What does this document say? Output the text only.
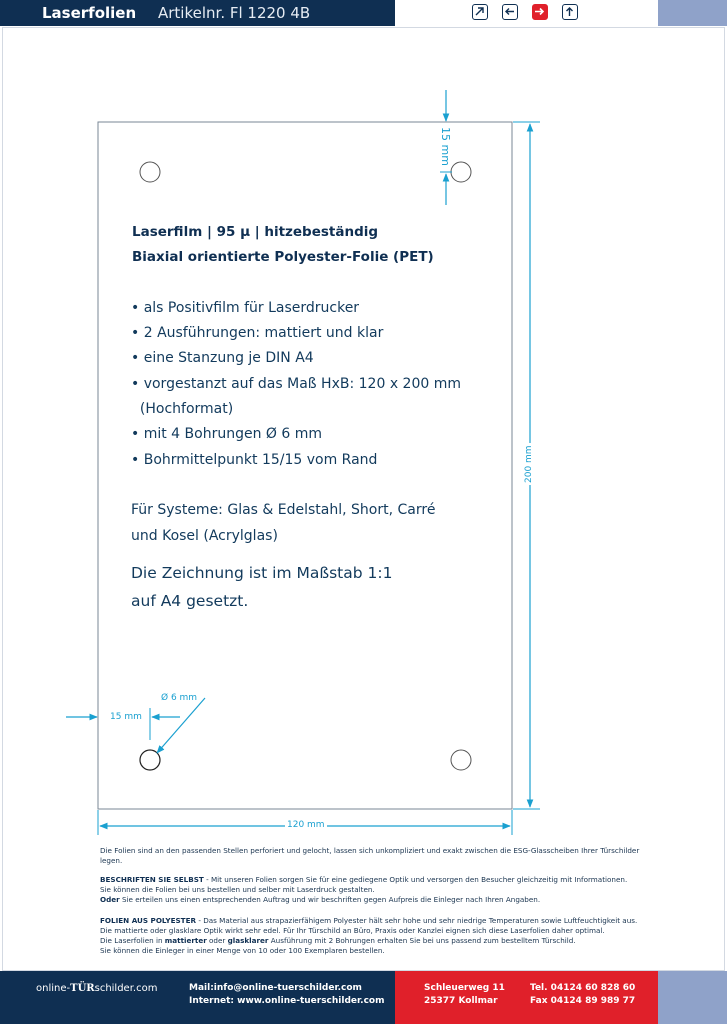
Laserfolien Artikelnr. Fl 1220 4B
15 mm
200 mm
120 mm
15 mm
Ø 6 mm
Laserfilm | 95 µ | hitzebeständig
Biaxial orientierte Polyester-Folie (PET)
• als Positivfilm für Laserdrucker
• 2 Ausführungen: mattiert und klar
• eine Stanzung je DIN A4
• vorgestanzt auf das Maß HxB: 120 x 200 mm
(Hochformat)
• mit 4 Bohrungen Ø 6 mm
• Bohrmittelpunkt 15/15 vom Rand
Für Systeme: Glas & Edelstahl, Short, Carré
und Kosel (Acrylglas)
Die Zeichnung ist im Maßstab 1:1
auf A4 gesetzt.
Die Folien sind an den passenden Stellen perforiert und gelocht, lassen sich unkompliziert und exakt zwischen die ESG-Glasscheiben Ihrer Türschilder legen.
BESCHRIFTEN SIE SELBST - Mit unseren Folien sorgen Sie für eine gediegene Optik und versorgen den Besucher gleichzeitig mit Informationen.
Sie können die Folien bei uns bestellen und selber mit Laserdruck gestalten.
Oder Sie erteilen uns einen entsprechenden Auftrag und wir beschriften gegen Aufpreis die Einleger nach Ihren Angaben.
FOLIEN AUS POLYESTER - Das Material aus strapazierfähigem Polyester hält sehr hohe und sehr niedrige Temperaturen sowie Luftfeuchtigkeit aus.
Die mattierte oder glasklare Optik wirkt sehr edel. Für Ihr Türschild an Büro, Praxis oder Kanzlei eignen sich diese Laserfolien daher optimal.
Die Laserfolien in mattierter oder glasklarer Ausführung mit 2 Bohrungen erhalten Sie bei uns passend zum bestelltem Türschild.
Sie können die Einleger in einer Menge von 10 oder 100 Exemplaren bestellen.
online-TÜRschilder.com	Mail:info@online-tuerschilder.com
Internet: www.online-tuerschilder.com
Schleuerweg 11
25377 Kollmar
Tel. 04124 60 828 60
Fax 04124 89 989 77
